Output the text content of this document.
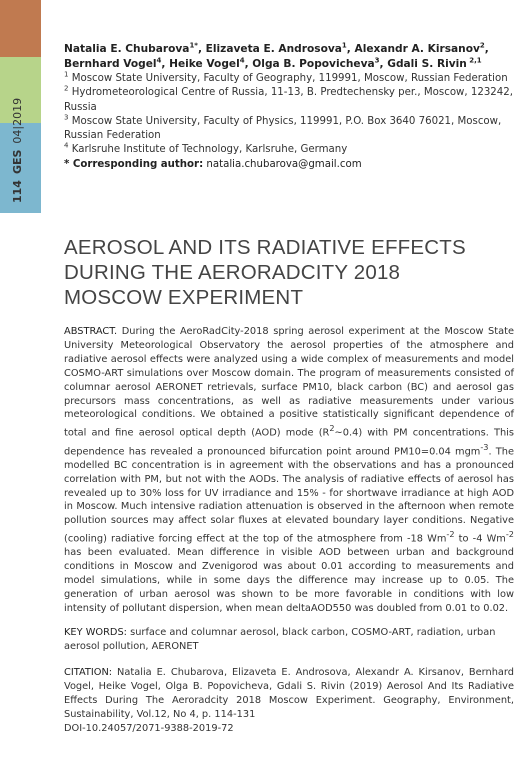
114
GES
04|2019

Natalia E. Chubarova$^{1*}$, Elizaveta E. Androsova$^1$, Alexandr A. Kirsanov$^2$,
Bernhard Vogel$^4$, Heike Vogel$^4$, Olga B. Popovicheva$^3$, Gdali S. Rivin $^{2,1}$

$^1$ Moscow State University, Faculty of Geography, 119991, Moscow, Russian Federation

$^2$ Hydrometeorological Centre of Russia, 11-13, B. Predtechensky per., Moscow, 123242, Russia

$^3$ Moscow State University, Faculty of Physics, 119991, P.O. Box 3640 76021, Moscow, Russian Federation

$^4$ Karlsruhe Institute of Technology, Karlsruhe, Germany

* Corresponding author: natalia.chubarova@gmail.com

AEROSOL AND ITS RADIATIVE EFFECTS
DURING THE AERORADCITY 2018
MOSCOW EXPERIMENT

ABSTRACT. During the AeroRadCity-2018 spring aerosol experiment at the Moscow State University Meteorological Observatory the aerosol properties of the atmosphere and radiative aerosol effects were analyzed using a wide complex of measurements and model COSMO-ART simulations over Moscow domain. The program of measurements consisted of columnar aerosol AERONET retrievals, surface PM10, black carbon (BC) and aerosol gas precursors mass concentrations, as well as radiative measurements under various meteorological conditions. We obtained a positive statistically significant dependence of total and fine aerosol optical depth (AOD) mode $(R^2\sim 0.4)$ with PM concentrations. This dependence has revealed a pronounced bifurcation point around PM10=0.04 mgm$^{-3}$. The modelled BC concentration is in agreement with the observations and has a pronounced correlation with PM, but not with the AODs. The analysis of radiative effects of aerosol has revealed up to 30% loss for UV irradiance and 15% - for shortwave irradiance at high AOD in Moscow. Much intensive radiation attenuation is observed in the afternoon when remote pollution sources may affect solar fluxes at elevated boundary layer conditions. Negative (cooling) radiative forcing effect at the top of the atmosphere from -18 $Wm^{-2}$ to -4 $Wm^{-2}$ has been evaluated. Mean difference in visible AOD between urban and background conditions in Moscow and Zvenigorod was about 0.01 according to measurements and model simulations, while in some days the difference may increase up to 0.05. The generation of urban aerosol was shown to be more favorable in conditions with low intensity of pollutant dispersion, when mean deltaAOD550 was doubled from 0.01 to 0.02.

KEY WORDS: surface and columnar aerosol, black carbon, COSMO-ART, radiation, urban aerosol pollution, AERONET

CITATION: Natalia E. Chubarova, Elizaveta E. Androsova, Alexandr A. Kirsanov, Bernhard Vogel, Heike Vogel, Olga B. Popovicheva, Gdali S. Rivin (2019) Aerosol And Its Radiative Effects During The Aeroradcity 2018 Moscow Experiment. Geography, Environment, Sustainability, Vol.12, No 4, p. 114-131
DOI-10.24057/2071-9388-2019-72
